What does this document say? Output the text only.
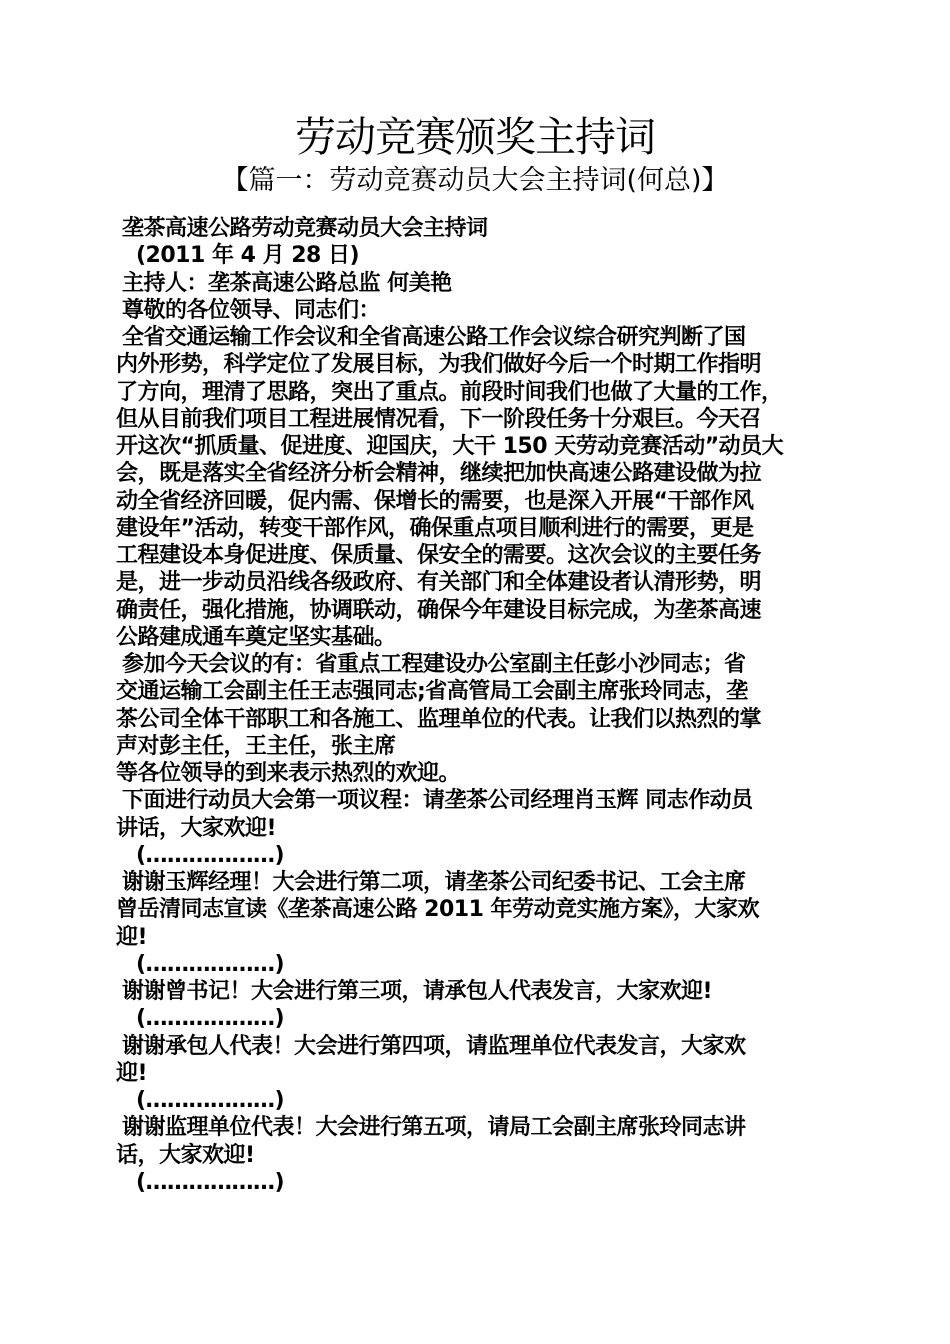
劳动竞赛颁奖主持词
【篇一：劳动竞赛动员大会主持词(何总)】
垄茶高速公路劳动竞赛动员大会主持词
(2011 年 4 月 28 日)
主持人：垄茶高速公路总监 何美艳
尊敬的各位领导、同志们：
全省交通运输工作会议和全省高速公路工作会议综合研究判断了国
内外形势，科学定位了发展目标，为我们做好今后一个时期工作指明
了方向，理清了思路，突出了重点。前段时间我们也做了大量的工作，
但从目前我们项目工程进展情况看，下一阶段任务十分艰巨。今天召
开这次“抓质量、促进度、迎国庆，大干 150 天劳动竞赛活动”动员大
会，既是落实全省经济分析会精神，继续把加快高速公路建设做为拉
动全省经济回暖，促内需、保增长的需要，也是深入开展“干部作风
建设年”活动，转变干部作风，确保重点项目顺利进行的需要，更是
工程建设本身促进度、保质量、保安全的需要。这次会议的主要任务
是，进一步动员沿线各级政府、有关部门和全体建设者认清形势，明
确责任，强化措施，协调联动，确保今年建设目标完成，为垄茶高速
公路建成通车奠定坚实基础。
参加今天会议的有：省重点工程建设办公室副主任彭小沙同志；省
交通运输工会副主任王志强同志;省高管局工会副主席张玲同志，垄
茶公司全体干部职工和各施工、监理单位的代表。让我们以热烈的掌
声对彭主任，王主任，张主席
等各位领导的到来表示热烈的欢迎。
下面进行动员大会第一项议程：请垄茶公司经理肖玉辉 同志作动员
讲话，大家欢迎!
(………………)
谢谢玉辉经理！大会进行第二项，请垄茶公司纪委书记、工会主席
曾岳清同志宣读《垄茶高速公路 2011 年劳动竞实施方案》，大家欢
迎!
(………………)
谢谢曾书记！大会进行第三项，请承包人代表发言，大家欢迎!
(………………)
谢谢承包人代表！大会进行第四项，请监理单位代表发言，大家欢
迎!
(………………)
谢谢监理单位代表！大会进行第五项，请局工会副主席张玲同志讲
话，大家欢迎!
(………………)
